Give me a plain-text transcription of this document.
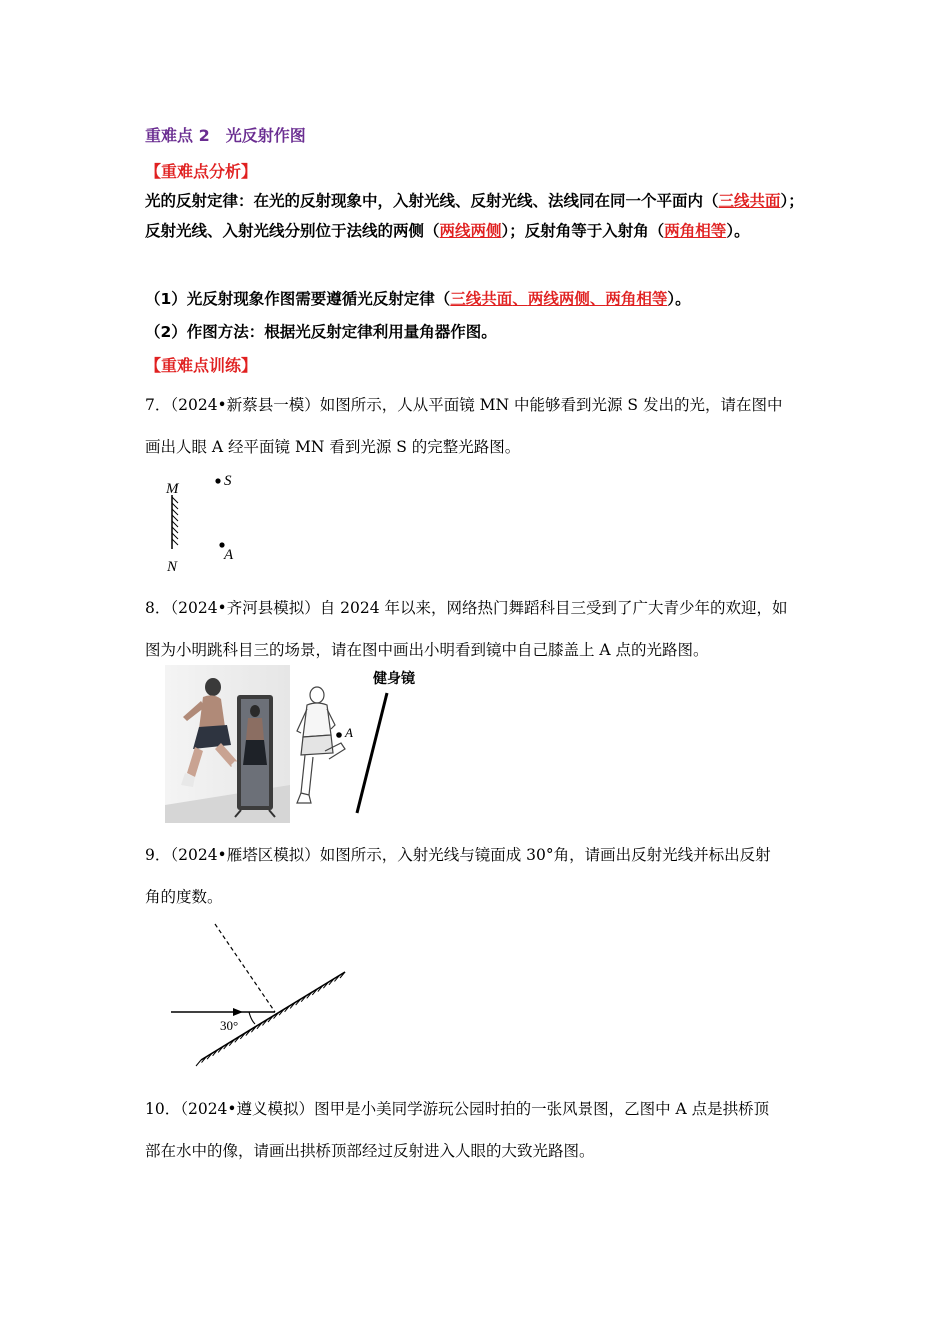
重难点 2 光反射作图
【重难点分析】
光的反射定律：在光的反射现象中，入射光线、反射光线、法线同在同一个平面内（三线共面）；反射光线、入射光线分别位于法线的两侧（两线两侧）；反射角等于入射角（两角相等）。
（1）光反射现象作图需要遵循光反射定律（三线共面、两线两侧、两角相等）。
（2）作图方法：根据光反射定律利用量角器作图。
【重难点训练】
7．（2024•新蔡县一模）如图所示，人从平面镜 MN 中能够看到光源 S 发出的光，请在图中
画出人眼 A 经平面镜 MN 看到光源 S 的完整光路图。
M
N
S
A
8．（2024•齐河县模拟）自 2024 年以来，网络热门舞蹈科目三受到了广大青少年的欢迎，如
图为小明跳科目三的场景，请在图中画出小明看到镜中自己膝盖上 A 点的光路图。
A
健身镜
9．（2024•雁塔区模拟）如图所示，入射光线与镜面成 30°角，请画出反射光线并标出反射
角的度数。
30°
10．（2024•遵义模拟）图甲是小美同学游玩公园时拍的一张风景图，乙图中 A 点是拱桥顶
部在水中的像，请画出拱桥顶部经过反射进入人眼的大致光路图。
